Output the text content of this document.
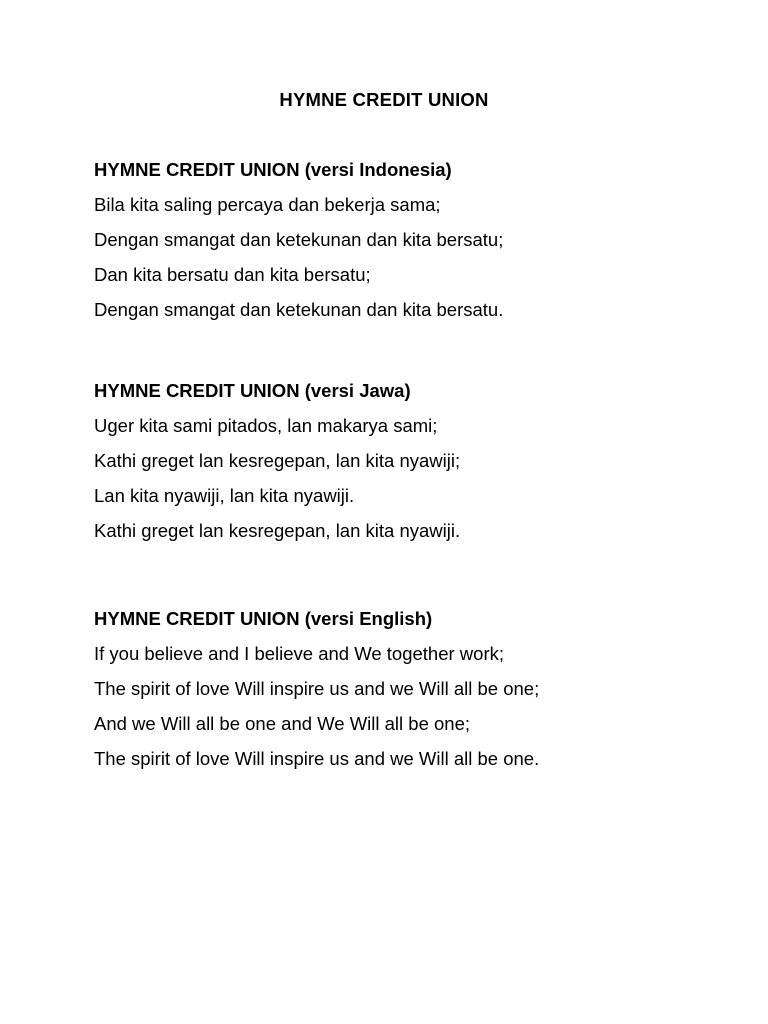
HYMNE CREDIT UNION

HYMNE CREDIT UNION (versi Indonesia)

Bila kita saling percaya dan bekerja sama;

Dengan smangat dan ketekunan dan kita bersatu;

Dan kita bersatu dan kita bersatu;

Dengan smangat dan ketekunan dan kita bersatu.

HYMNE CREDIT UNION (versi Jawa)

Uger kita sami pitados, lan makarya sami;

Kathi greget lan kesregepan, lan kita nyawiji;

Lan kita nyawiji, lan kita nyawiji.

Kathi greget lan kesregepan, lan kita nyawiji.

HYMNE CREDIT UNION (versi English)

If you believe and I believe and We together work;

The spirit of love Will inspire us and we Will all be one;

And we Will all be one and We Will all be one;

The spirit of love Will inspire us and we Will all be one.
